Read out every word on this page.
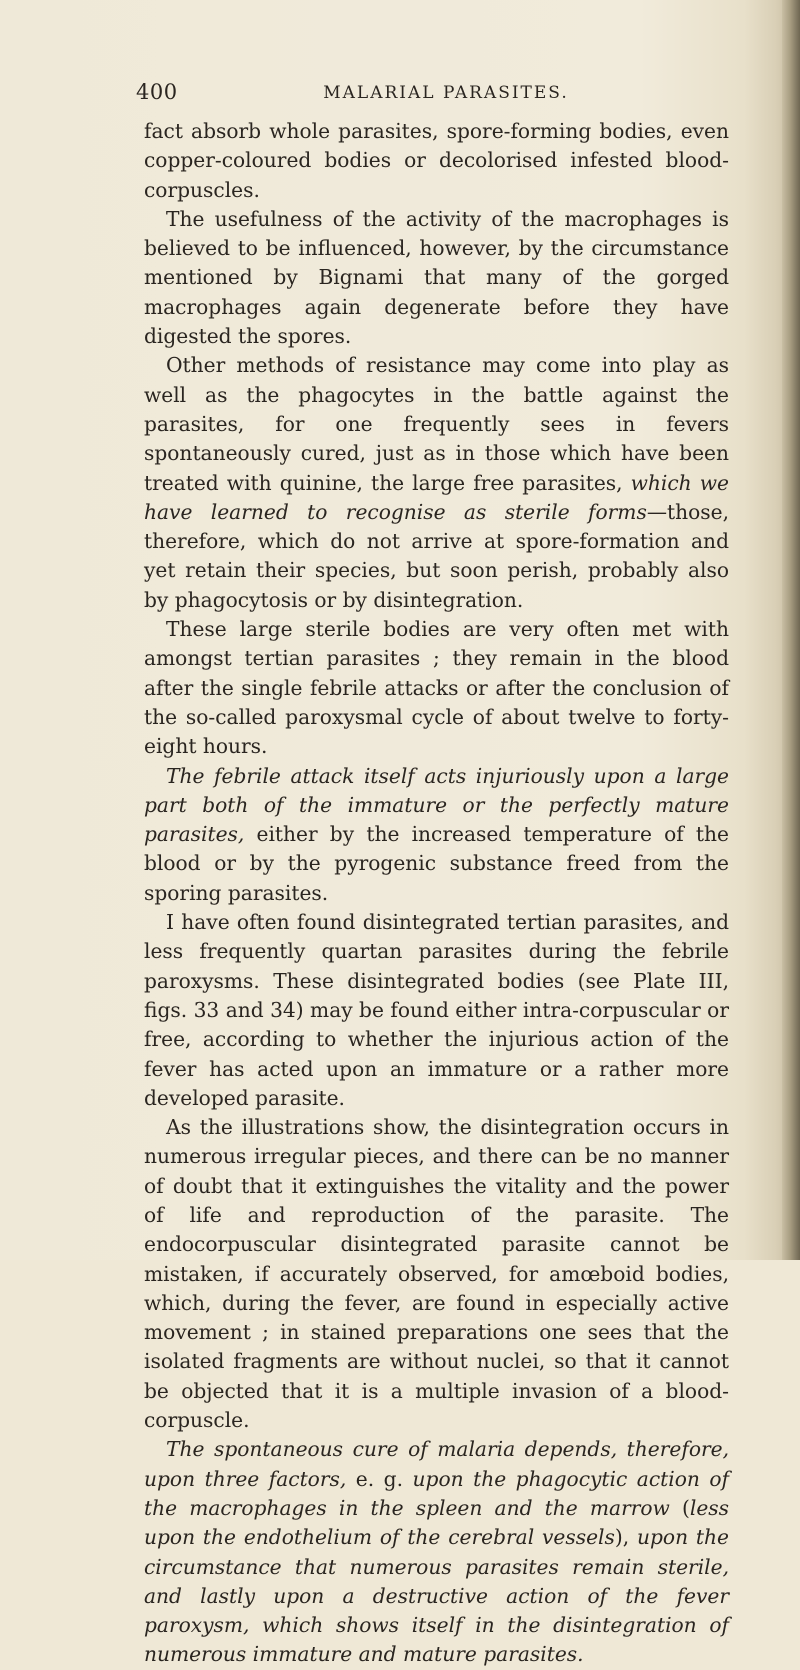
400	MALARIAL PARASITES.

fact absorb whole parasites, spore-forming bodies, even copper-coloured bodies or decolorised infested blood-corpuscles.

The usefulness of the activity of the macrophages is believed to be influenced, however, by the circumstance mentioned by Bignami that many of the gorged macrophages again degenerate before they have digested the spores.

Other methods of resistance may come into play as well as the phagocytes in the battle against the parasites, for one frequently sees in fevers spontaneously cured, just as in those which have been treated with quinine, the large free parasites, which we have learned to recognise as sterile forms—those, therefore, which do not arrive at spore-formation and yet retain their species, but soon perish, probably also by phagocytosis or by disintegration.

These large sterile bodies are very often met with amongst tertian parasites ; they remain in the blood after the single febrile attacks or after the conclusion of the so-called paroxysmal cycle of about twelve to forty-eight hours.

The febrile attack itself acts injuriously upon a large part both of the immature or the perfectly mature parasites, either by the increased temperature of the blood or by the pyrogenic substance freed from the sporing parasites.

I have often found disintegrated tertian parasites, and less frequently quartan parasites during the febrile paroxysms. These disintegrated bodies (see Plate III, figs. 33 and 34) may be found either intra-corpuscular or free, according to whether the injurious action of the fever has acted upon an immature or a rather more developed parasite.

As the illustrations show, the disintegration occurs in numerous irregular pieces, and there can be no manner of doubt that it extinguishes the vitality and the power of life and reproduction of the parasite. The endocorpuscular disintegrated parasite cannot be mistaken, if accurately observed, for amœboid bodies, which, during the fever, are found in especially active movement ; in stained preparations one sees that the isolated fragments are without nuclei, so that it cannot be objected that it is a multiple invasion of a blood-corpuscle.

The spontaneous cure of malaria depends, therefore, upon three factors, e. g. upon the phagocytic action of the macrophages in the spleen and the marrow (less upon the endothelium of the cerebral vessels), upon the circumstance that numerous parasites remain sterile, and lastly upon a destructive action of the fever paroxysm, which shows itself in the disintegration of numerous immature and mature parasites.
